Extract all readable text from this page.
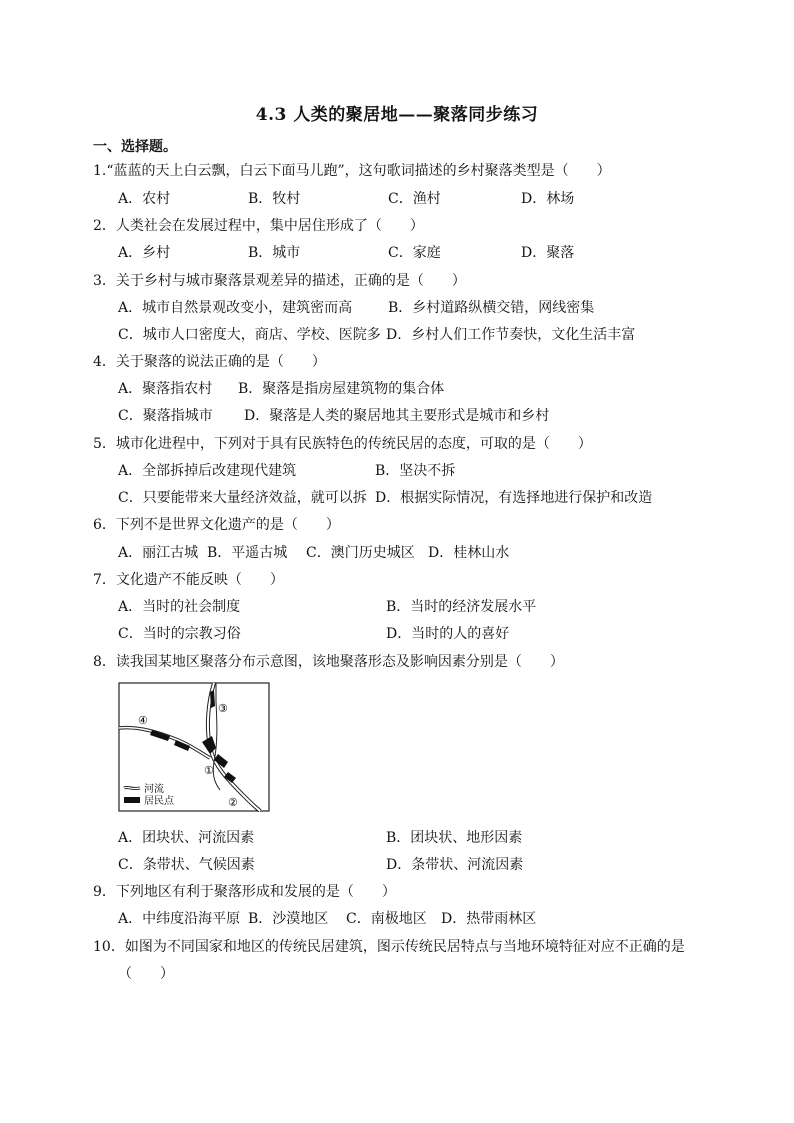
4.3 人类的聚居地——聚落同步练习
一、选择题。
1.“蓝蓝的天上白云飘，白云下面马儿跑”，这句歌词描述的乡村聚落类型是（　　）
A．农村	B．牧村	C．渔村	D．林场
2．人类社会在发展过程中，集中居住形成了（　　）
A．乡村	B．城市	C．家庭	D．聚落
3．关于乡村与城市聚落景观差异的描述，正确的是（　　）
A．城市自然景观改变小，建筑密而高	B．乡村道路纵横交错，网线密集
C．城市人口密度大，商店、学校、医院多 D．乡村人们工作节奏快，文化生活丰富
4．关于聚落的说法正确的是（　　）
A．聚落指农村 B．聚落是指房屋建筑物的集合体
C．聚落指城市 D．聚落是人类的聚居地其主要形式是城市和乡村
5．城市化进程中，下列对于具有民族特色的传统民居的态度，可取的是（　　）
A．全部拆掉后改建现代建筑	B．坚决不拆
C．只要能带来大量经济效益，就可以拆 D．根据实际情况，有选择地进行保护和改造
6．下列不是世界文化遗产的是（　　）
A．丽江古城 B．平遥古城 C．澳门历史城区 D．桂林山水
7．文化遗产不能反映（　　）
A．当时的社会制度	B．当时的经济发展水平
C．当时的宗教习俗	D．当时的人的喜好
8．读我国某地区聚落分布示意图，该地聚落形态及影响因素分别是（　　）
①
②
③
④
河流
居民点
A．团块状、河流因素	B．团块状、地形因素
C．条带状、气候因素	D．条带状、河流因素
9．下列地区有利于聚落形成和发展的是（　　）
A．中纬度沿海平原 B．沙漠地区 C．南极地区 D．热带雨林区
10．如图为不同国家和地区的传统民居建筑，图示传统民居特点与当地环境特征对应不正确的是
（　　）
